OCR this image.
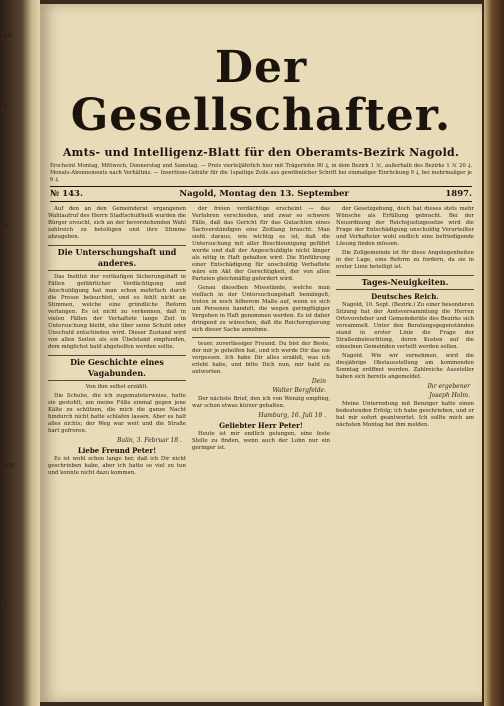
ar.
a
h.
ter.
e.
Der Gesellschafter.
Amts- und Intelligenz-Blatt für den Oberamts-Bezirk Nagold.
Erscheint Montag, Mittwoch, Donnerstag und Samstag. — Preis vierteljährlich hier mit Trägerlohn 90 ₰, in dem Bezirk 1 ℳ, außerhalb des Bezirks 1 ℳ 20 ₰. Monats-Abonnements nach Verhältnis. — Insertions-Gebühr für die 1spaltige Zeile aus gewöhnlicher Schrift bei einmaliger Einrückung 9 ₰, bei mehrmaliger je 6 ₰.
№ 143.	Nagold, Montag den 13. September	1897.

Auf den an den Gemeinderat ergangenen Wahlaufruf des Herrn Stadtschultheiß wurden die Bürger ersucht, sich an der bevorstehenden Wahl zahlreich zu beteiligen und ihre Stimme abzugeben.

Die Unterschungshaft und anderes.

Das Institut der vorläufigen Sicherungshaft in Fällen gefährlicher Verdächtigung und Anschuldigung hat man schon mehrfach durch die Presse beleuchtet, und es fehlt nicht an Stimmen, welche eine gründliche Reform verlangen. Es ist nicht zu verkennen, daß in vielen Fällen der Verhaftete lange Zeit in Untersuchung bleibt, ehe über seine Schuld oder Unschuld entschieden wird. Dieser Zustand wird von allen Seiten als ein Übelstand empfunden, dem möglichst bald abgeholfen werden sollte.

Die Geschichte eines Vagabunden.
Von ihm selbst erzählt.

Die Schuhe, die ich zugemuteterweise, hatte sie gestohlt, um meine Füße einmal gegen jene Kälte zu schützen, die mich die ganze Nacht hindurch nicht hatte schlafen lassen. Aber es half alles nichts; der Weg war weit und die Straße hart gefroren.

Balin, 3. Februar 18 .
Liebe Freund Peter!

Es ist wohl schon lange her, daß ich Dir nicht geschrieben habe, aber ich hatte so viel zu tun und konnte nicht dazu kommen.

der freien verdächtige erscheint — das Verfahren verschieden, und zwar so schwere Fälle, daß das Gericht für das Gutachten eines Sachverständigen eine Zeitlang braucht. Man sieht daraus, wie wichtig es ist, daß die Untersuchung mit aller Beschleunigung geführt werde und daß der Angeschuldigte nicht länger als nötig in Haft gehalten wird. Die Einführung einer Entschädigung für unschuldig Verhaftete wäre ein Akt der Gerechtigkeit, der von allen Parteien gleichmäßig gefordert wird.

Genau dieselben Missstände, welche man vielfach in der Untersuchungshaft bemängelt, treten in noch höherem Maße auf, wenn es sich um Personen handelt, die wegen geringfügiger Vergehen in Haft genommen werden. Es ist daher dringend zu wünschen, daß die Reichsregierung sich dieser Sache annehme.

teuer, zuverlässiger Freund. Du bist der Beste, der mir je geholfen hat, und ich werde Dir das nie vergessen. Ich habe Dir alles erzählt, was ich erlebt habe, und bitte Dich nun, mir bald zu antworten.

Dein
Walter Bergfelde.

Der nächste Brief, den ich von Wenzig empfing, war schon etwas kürzer gehalten.

Hamburg, 16. Juli 18 .
Geliebter Herr Peter!

Heute ist mir endlich gelungen, eine feste Stelle zu finden, wenn auch der Lohn nur ein geringer ist.

der Gesetzgebung, doch hat dieses stets mehr Wünsche als Erfüllung gebracht. Bei der Neuordnung der Reichsjustizgesetze wird die Frage der Entschädigung unschuldig Verurteilter und Verhafteter wohl endlich eine befriedigende Lösung finden müssen.

Die Zollgemeinde ist für diese Angelegenheiten in der Lage, eine Reform zu fordern, da sie in erster Linie beteiligt ist.

Tages-Neuigkeiten.
Deutsches Reich.

Nagold, 10. Sept. (Bezirk.) Zu einer besonderen Sitzung hat der Amtsversammlung die Herren Ortsvorsteher und Gemeinderäte des Bezirks sich versammelt. Unter den Beratungsgegenständen stand in erster Linie die Frage der Straßenbeleuchtung, deren Kosten auf die einzelnen Gemeinden verteilt werden sollen.

Nagold. Wie wir vernehmen, wird die diesjährige Obstausstellung am kommenden Sonntag eröffnet werden. Zahlreiche Aussteller haben sich bereits angemeldet.

Ihr ergebener
Joseph Holm.

Meine Unterredung mit Benziger hatte einen bedeutenden Erfolg; ich habe geschrieben, und er hat mir sofort geantwortet. Ich sollte mich am nächsten Montag bei ihm melden.
